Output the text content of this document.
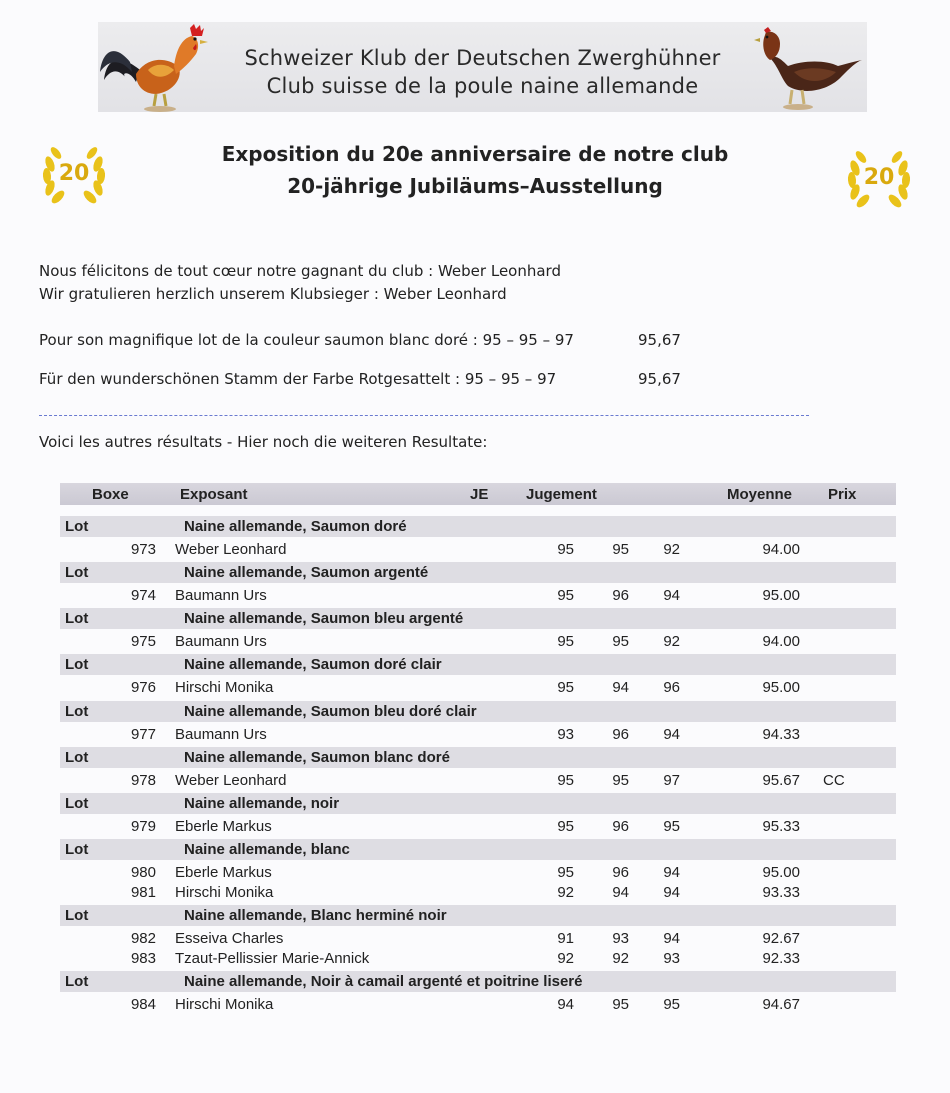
Schweizer Klub der Deutschen Zwerghühner
Club suisse de la poule naine allemande
20	20
Exposition du 20e anniversaire de notre club
20-jährige Jubiläums–Ausstellung
Nous félicitons de tout cœur notre gagnant du club : Weber Leonhard
Wir gratulieren herzlich unserem Klubsieger : Weber Leonhard
Pour son magnifique lot de la couleur saumon blanc doré : 95 – 95 – 97	95,67
Für den wunderschönen Stamm der Farbe Rotgesattelt : 95 – 95 – 97	95,67
Voici les autres résultats - Hier noch die weiteren Resultate:
Boxe	Exposant	JE	Jugement	Moyenne Prix
Lot	Naine allemande, Saumon doré
973 Weber Leonhard	95	95	92	94.00
Lot	Naine allemande, Saumon argenté
974 Baumann Urs	95	96	94	95.00
Lot	Naine allemande, Saumon bleu argenté
975 Baumann Urs	95	95	92	94.00
Lot	Naine allemande, Saumon doré clair
976 Hirschi Monika	95	94	96	95.00
Lot	Naine allemande, Saumon bleu doré clair
977 Baumann Urs	93	96	94	94.33
Lot	Naine allemande, Saumon blanc doré
978 Weber Leonhard	95	95	97	95.67 CC
Lot	Naine allemande, noir
979 Eberle Markus	95	96	95	95.33
Lot	Naine allemande, blanc
980 Eberle Markus	95	96	94	95.00
981 Hirschi Monika	92	94	94	93.33
Lot	Naine allemande, Blanc herminé noir
982 Esseiva Charles	91	93	94	92.67
983 Tzaut-Pellissier Marie-Annick	92	92	93	92.33
Lot	Naine allemande, Noir à camail argenté et poitrine liseré
984 Hirschi Monika	94	95	95	94.67
